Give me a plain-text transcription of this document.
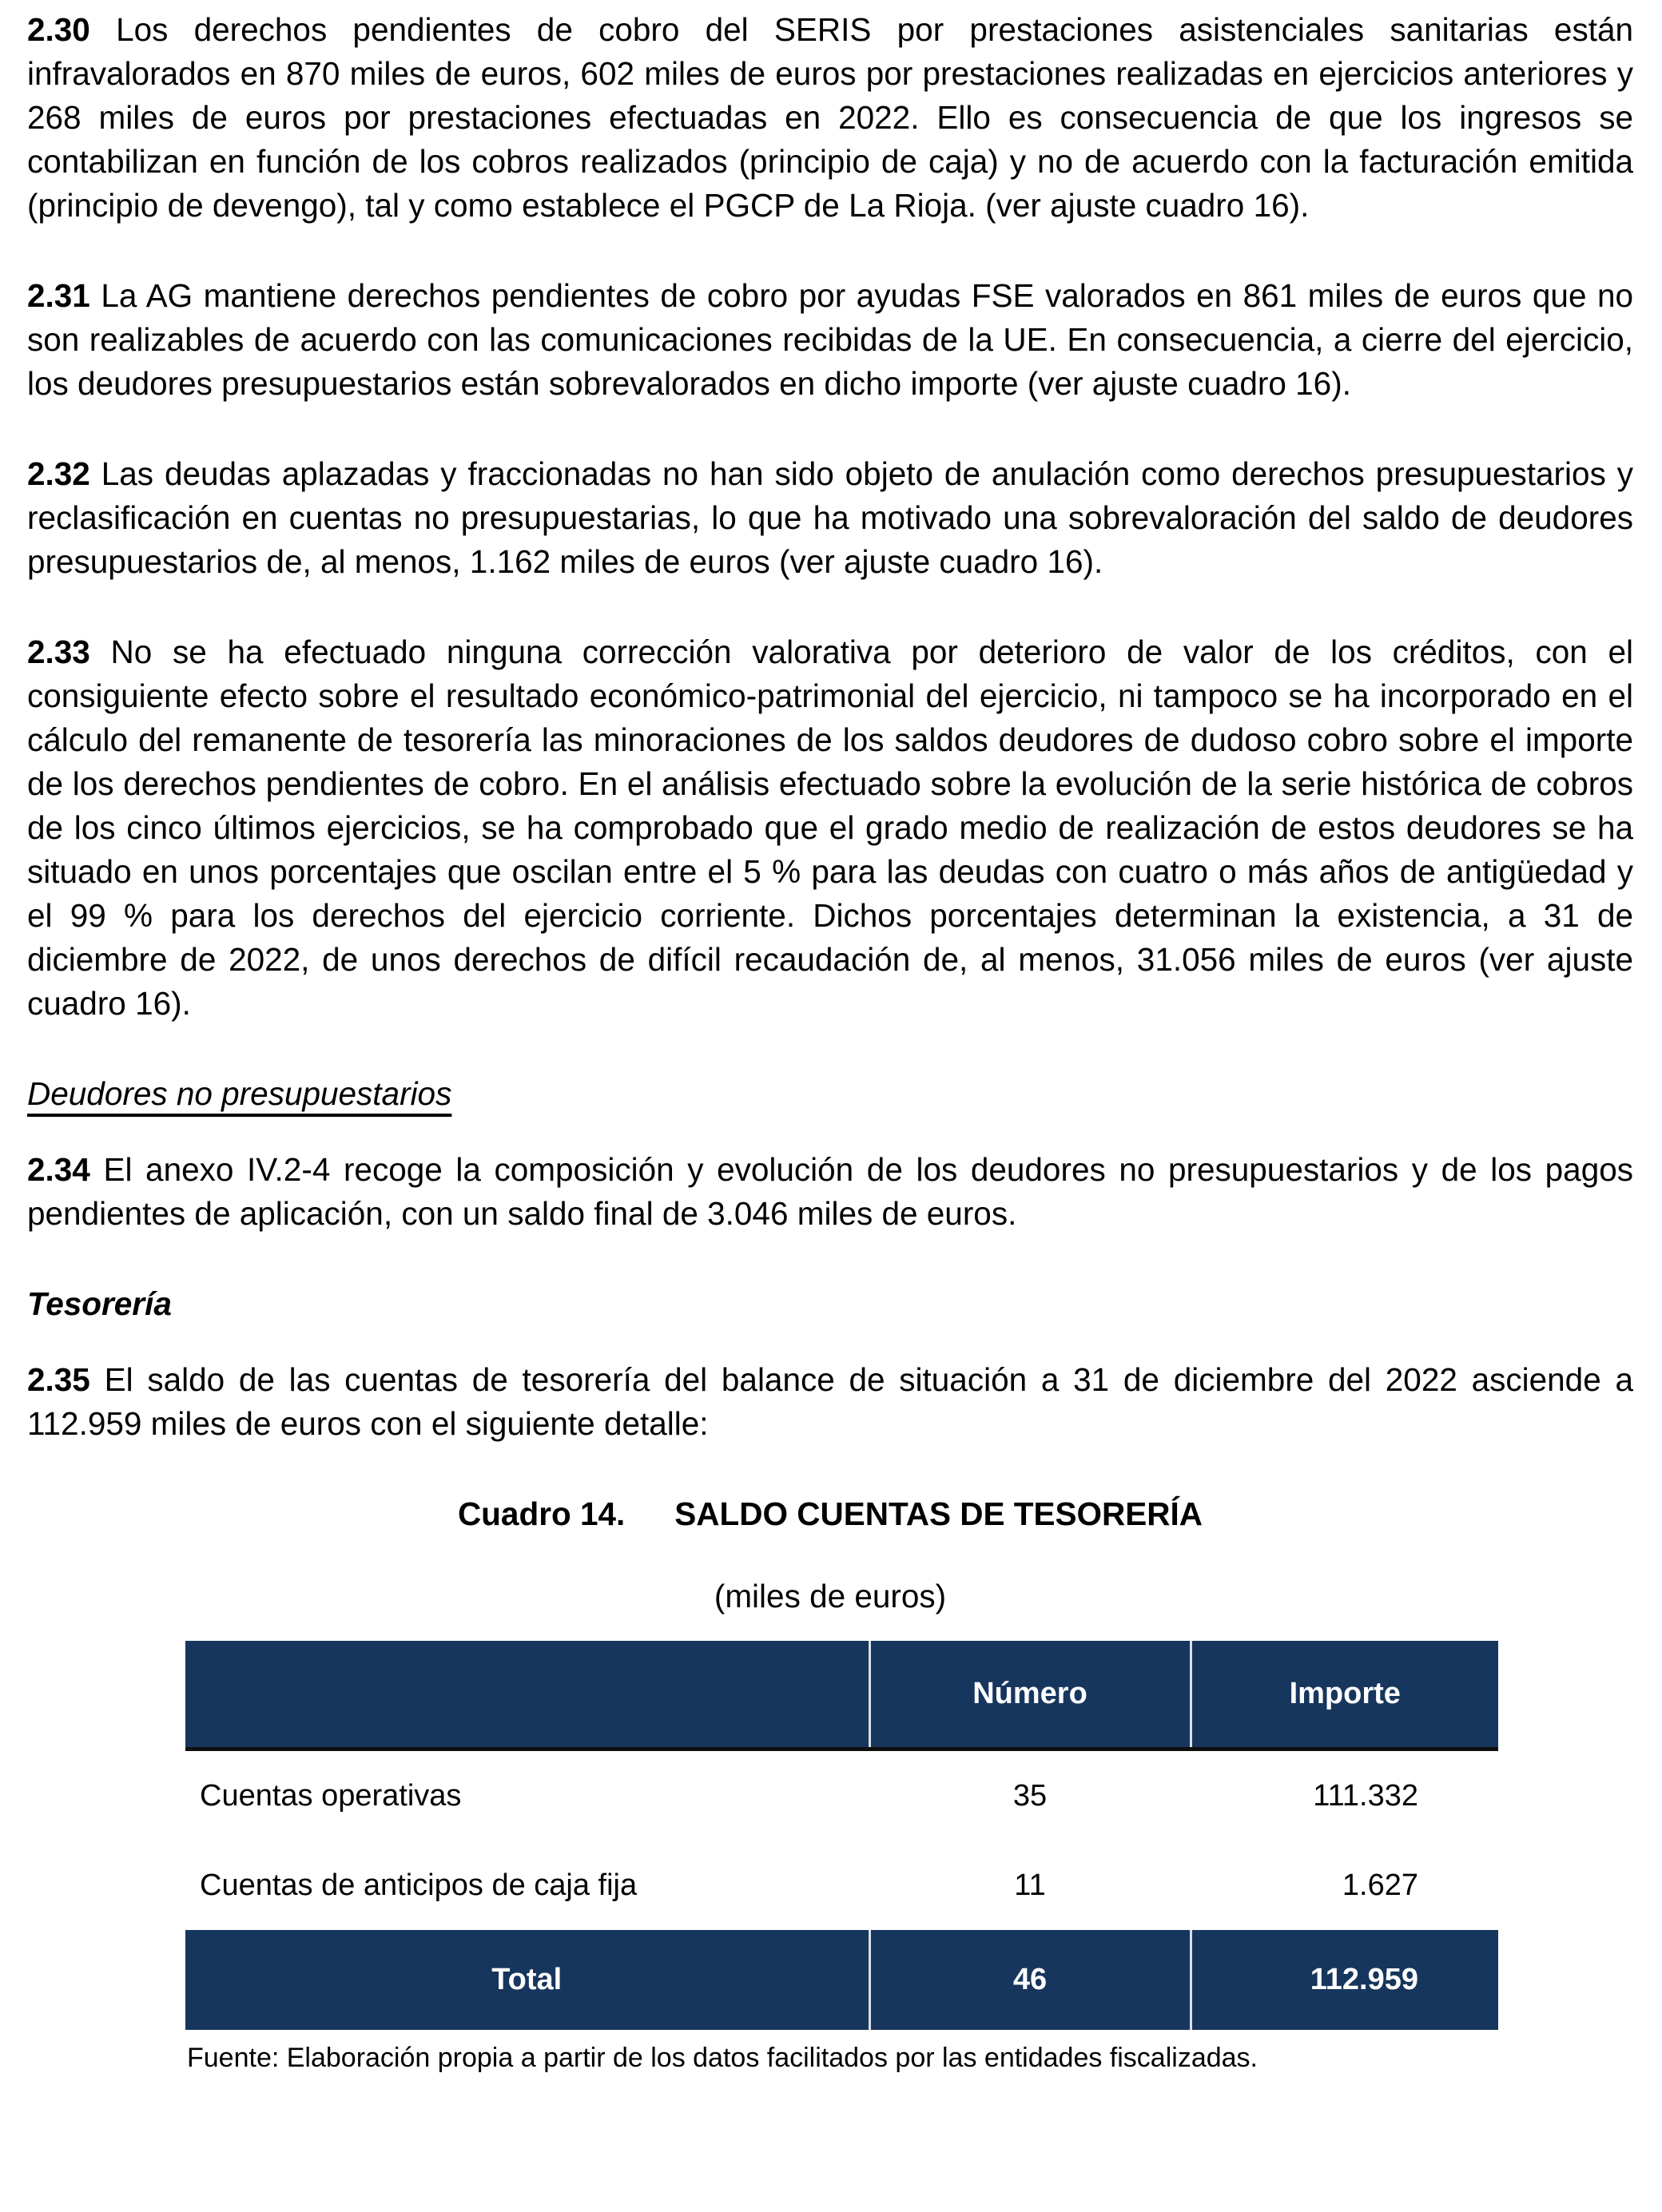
2.30 Los derechos pendientes de cobro del SERIS por prestaciones asistenciales sanitarias están infravalorados en 870 miles de euros, 602 miles de euros por prestaciones realizadas en ejercicios anteriores y 268 miles de euros por prestaciones efectuadas en 2022. Ello es consecuencia de que los ingresos se contabilizan en función de los cobros realizados (principio de caja) y no de acuerdo con la facturación emitida (principio de devengo), tal y como establece el PGCP de La Rioja. (ver ajuste cuadro 16).

2.31 La AG mantiene derechos pendientes de cobro por ayudas FSE valorados en 861 miles de euros que no son realizables de acuerdo con las comunicaciones recibidas de la UE. En consecuencia, a cierre del ejercicio, los deudores presupuestarios están sobrevalorados en dicho importe (ver ajuste cuadro 16).

2.32 Las deudas aplazadas y fraccionadas no han sido objeto de anulación como derechos presupuestarios y reclasificación en cuentas no presupuestarias, lo que ha motivado una sobrevaloración del saldo de deudores presupuestarios de, al menos, 1.162 miles de euros (ver ajuste cuadro 16).

2.33 No se ha efectuado ninguna corrección valorativa por deterioro de valor de los créditos, con el consiguiente efecto sobre el resultado económico-patrimonial del ejercicio, ni tampoco se ha incorporado en el cálculo del remanente de tesorería las minoraciones de los saldos deudores de dudoso cobro sobre el importe de los derechos pendientes de cobro. En el análisis efectuado sobre la evolución de la serie histórica de cobros de los cinco últimos ejercicios, se ha comprobado que el grado medio de realización de estos deudores se ha situado en unos porcentajes que oscilan entre el 5 % para las deudas con cuatro o más años de antigüedad y el 99 % para los derechos del ejercicio corriente. Dichos porcentajes determinan la existencia, a 31 de diciembre de 2022, de unos derechos de difícil recaudación de, al menos, 31.056 miles de euros (ver ajuste cuadro 16).

Deudores no presupuestarios

2.34 El anexo IV.2-4 recoge la composición y evolución de los deudores no presupuestarios y de los pagos pendientes de aplicación, con un saldo final de 3.046 miles de euros.

Tesorería

2.35 El saldo de las cuentas de tesorería del balance de situación a 31 de diciembre del 2022 asciende a 112.959 miles de euros con el siguiente detalle:

Cuadro 14. SALDO CUENTAS DE TESORERÍA
(miles de euros)
	Número	Importe
Cuentas operativas	35	111.332
Cuentas de anticipos de caja fija	11	1.627
Total	46	112.959
Fuente: Elaboración propia a partir de los datos facilitados por las entidades fiscalizadas.
